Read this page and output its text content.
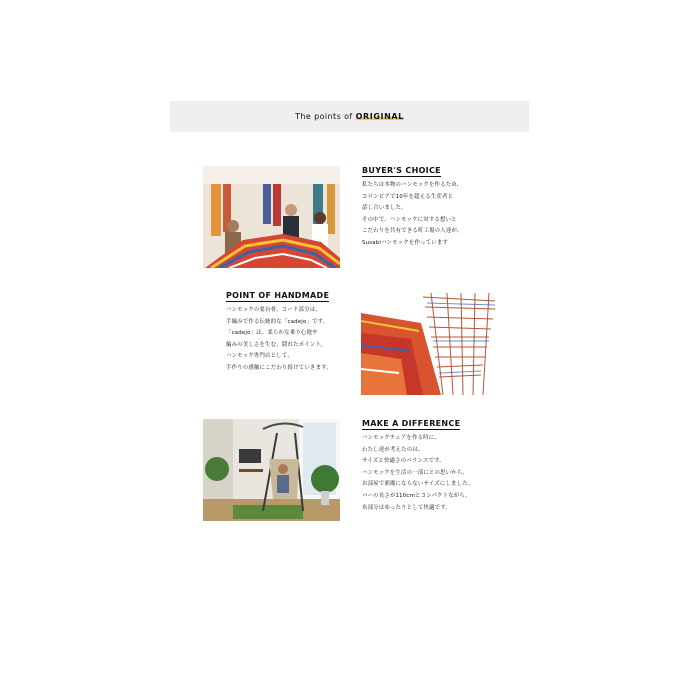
The points of ORIGINAL
BUYER'S CHOICE
私たちは本物のハンモックを作るため、
コロンビアで10年を超える生産者と
話し合いました。
その中で、ハンモックに対する想いと
こだわりを共有できる町工場の人達が、
Susabiハンモックを作っています
POINT OF HANDMADE
ハンモックの要台骨、コード部分は、
手編みで作る伝統的な「cadejo」です。
「cadejo」は、柔らかな乗り心地や
編みの美しさを生む、隠れたポイント。
ハンモック専門店として、
手作りの感触にこだわり続けていきます。
MAKE A DIFFERENCE
ハンモックチェアを作る時に、
わたし達が考えたのは、
サイズと快適さのバランスです。
ハンモックを生活の一部にとの思いから、
お部屋で邪魔にならないサイズにしました。
バーの長さが110cmとコンパクトながら、
布部分はゆったりとして快適です。
